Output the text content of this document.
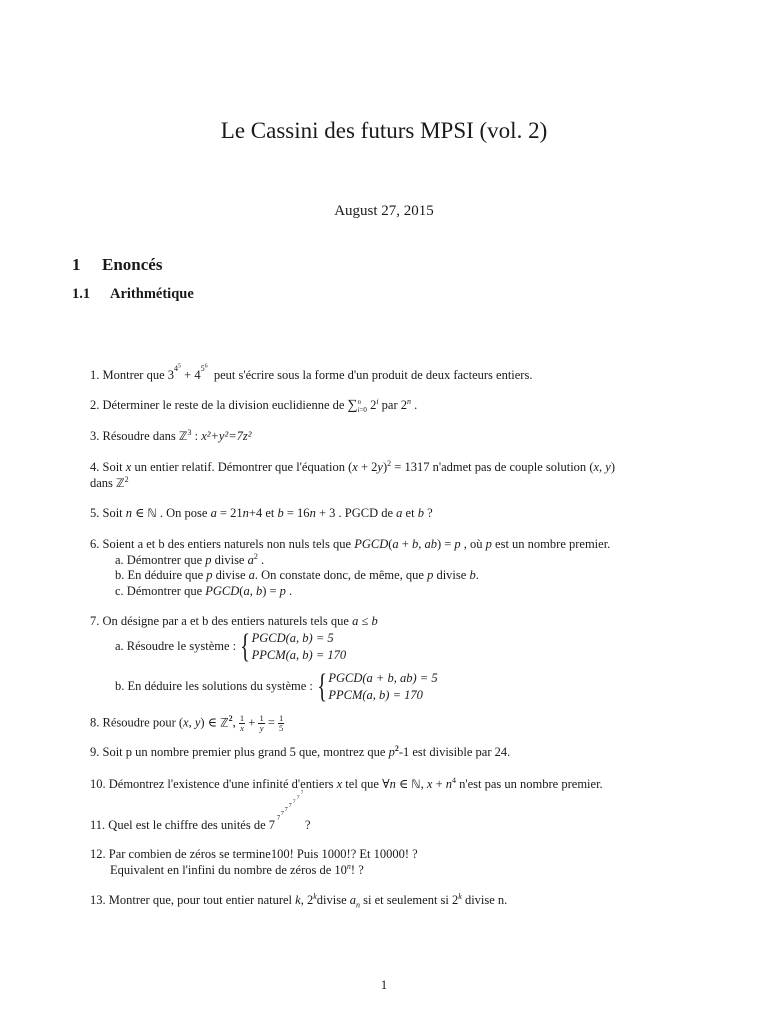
Le Cassini des futurs MPSI (vol. 2)
August 27, 2015
1 Enoncés
1.1 Arithmétique
1. Montrer que $3^{4^5} + 4^{5^6}$  peut s'écrire sous la forme d'un produit de deux facteurs entiers.
2. Déterminer le reste de la division euclidienne de ∑n
i=0 2$^i$ par 2$^n$ .
3. Résoudre dans ℤ$^3$ : x²+y²=7z²
4. Soit x un entier relatif. Démontrer que l'équation $(x + 2y)^2 = 1317$ n'admet pas de couple solution (x, y)
dans ℤ$^2$
5. Soit n ∈ ℕ . On pose a = 21n+4 et b = 16n + 3 . PGCD de a et b ?
6. Soient a et b des entiers naturels non nuls tels que PGCD(a + b, ab) = p , où p est un nombre premier.
a. Démontrer que p divise $a^2$ .
b. En déduire que p divise a. On constate donc, de même, que p divise b.
c. Démontrer que PGCD(a, b) = p .
7. On désigne par a et b des entiers naturels tels que a ≤ b
a. Résoudre le système : {PGCD(a, b) = 5
PPCM(a, b) = 170
b. En déduire les solutions du système : {PGCD(a + b, ab) = 5
PPCM(a, b) = 170
8. Résoudre pour (x, y) ∈ ℤ$^2$, $\frac{1}{x} + \frac{1}{y} = \frac{1}{5}$
9. Soit p un nombre premier plus grand 5 que, montrez que $p^2-1$ est divisible par 24.
10. Démontrez l'existence d'une infinité d'entiers x tel que ∀n ∈ ℕ, $x + n^4$ n'est pas un nombre premier.
11. Quel est le chiffre des unités de 7 7
7 7
7
7
7
7
?
12. Par combien de zéros se termine100! Puis 1000!? Et 10000! ?
Equivalent en l'infini du nombre de zéros de 10$^n$! ?
13. Montrer que, pour tout entier naturel k, 2$^k$divise $a_n$ si et seulement si 2$^k$ divise n.
1
